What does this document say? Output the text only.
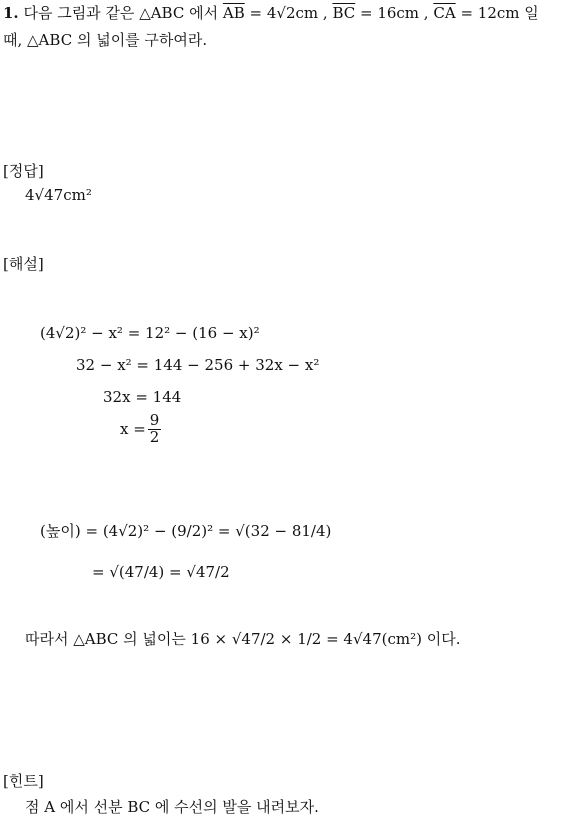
1. 다음 그림과 같은 △ABC 에서 $\overline{AB} = 4√2cm$ , $\overline{BC} = 16cm$ , $\overline{CA} = 12cm$ 일
때, △ABC 의 넓이를 구하여라.
[정답]
4√47cm²
[해설]
(4√2)² − x² = 12² − (16 − x)²
32 − x² = 144 − 256 + 32x − x²
32x = 144
$x = \frac{9}{2}$
(높이) = (4√2)² − (9/2)² = √(32 − 81/4)
= √(47/4) = √47/2
따라서 △ABC 의 넓이는 16 × √47/2 × 1/2 = 4√47(cm²) 이다.
[힌트]
점 A 에서 선분 BC 에 수선의 발을 내려보자.
